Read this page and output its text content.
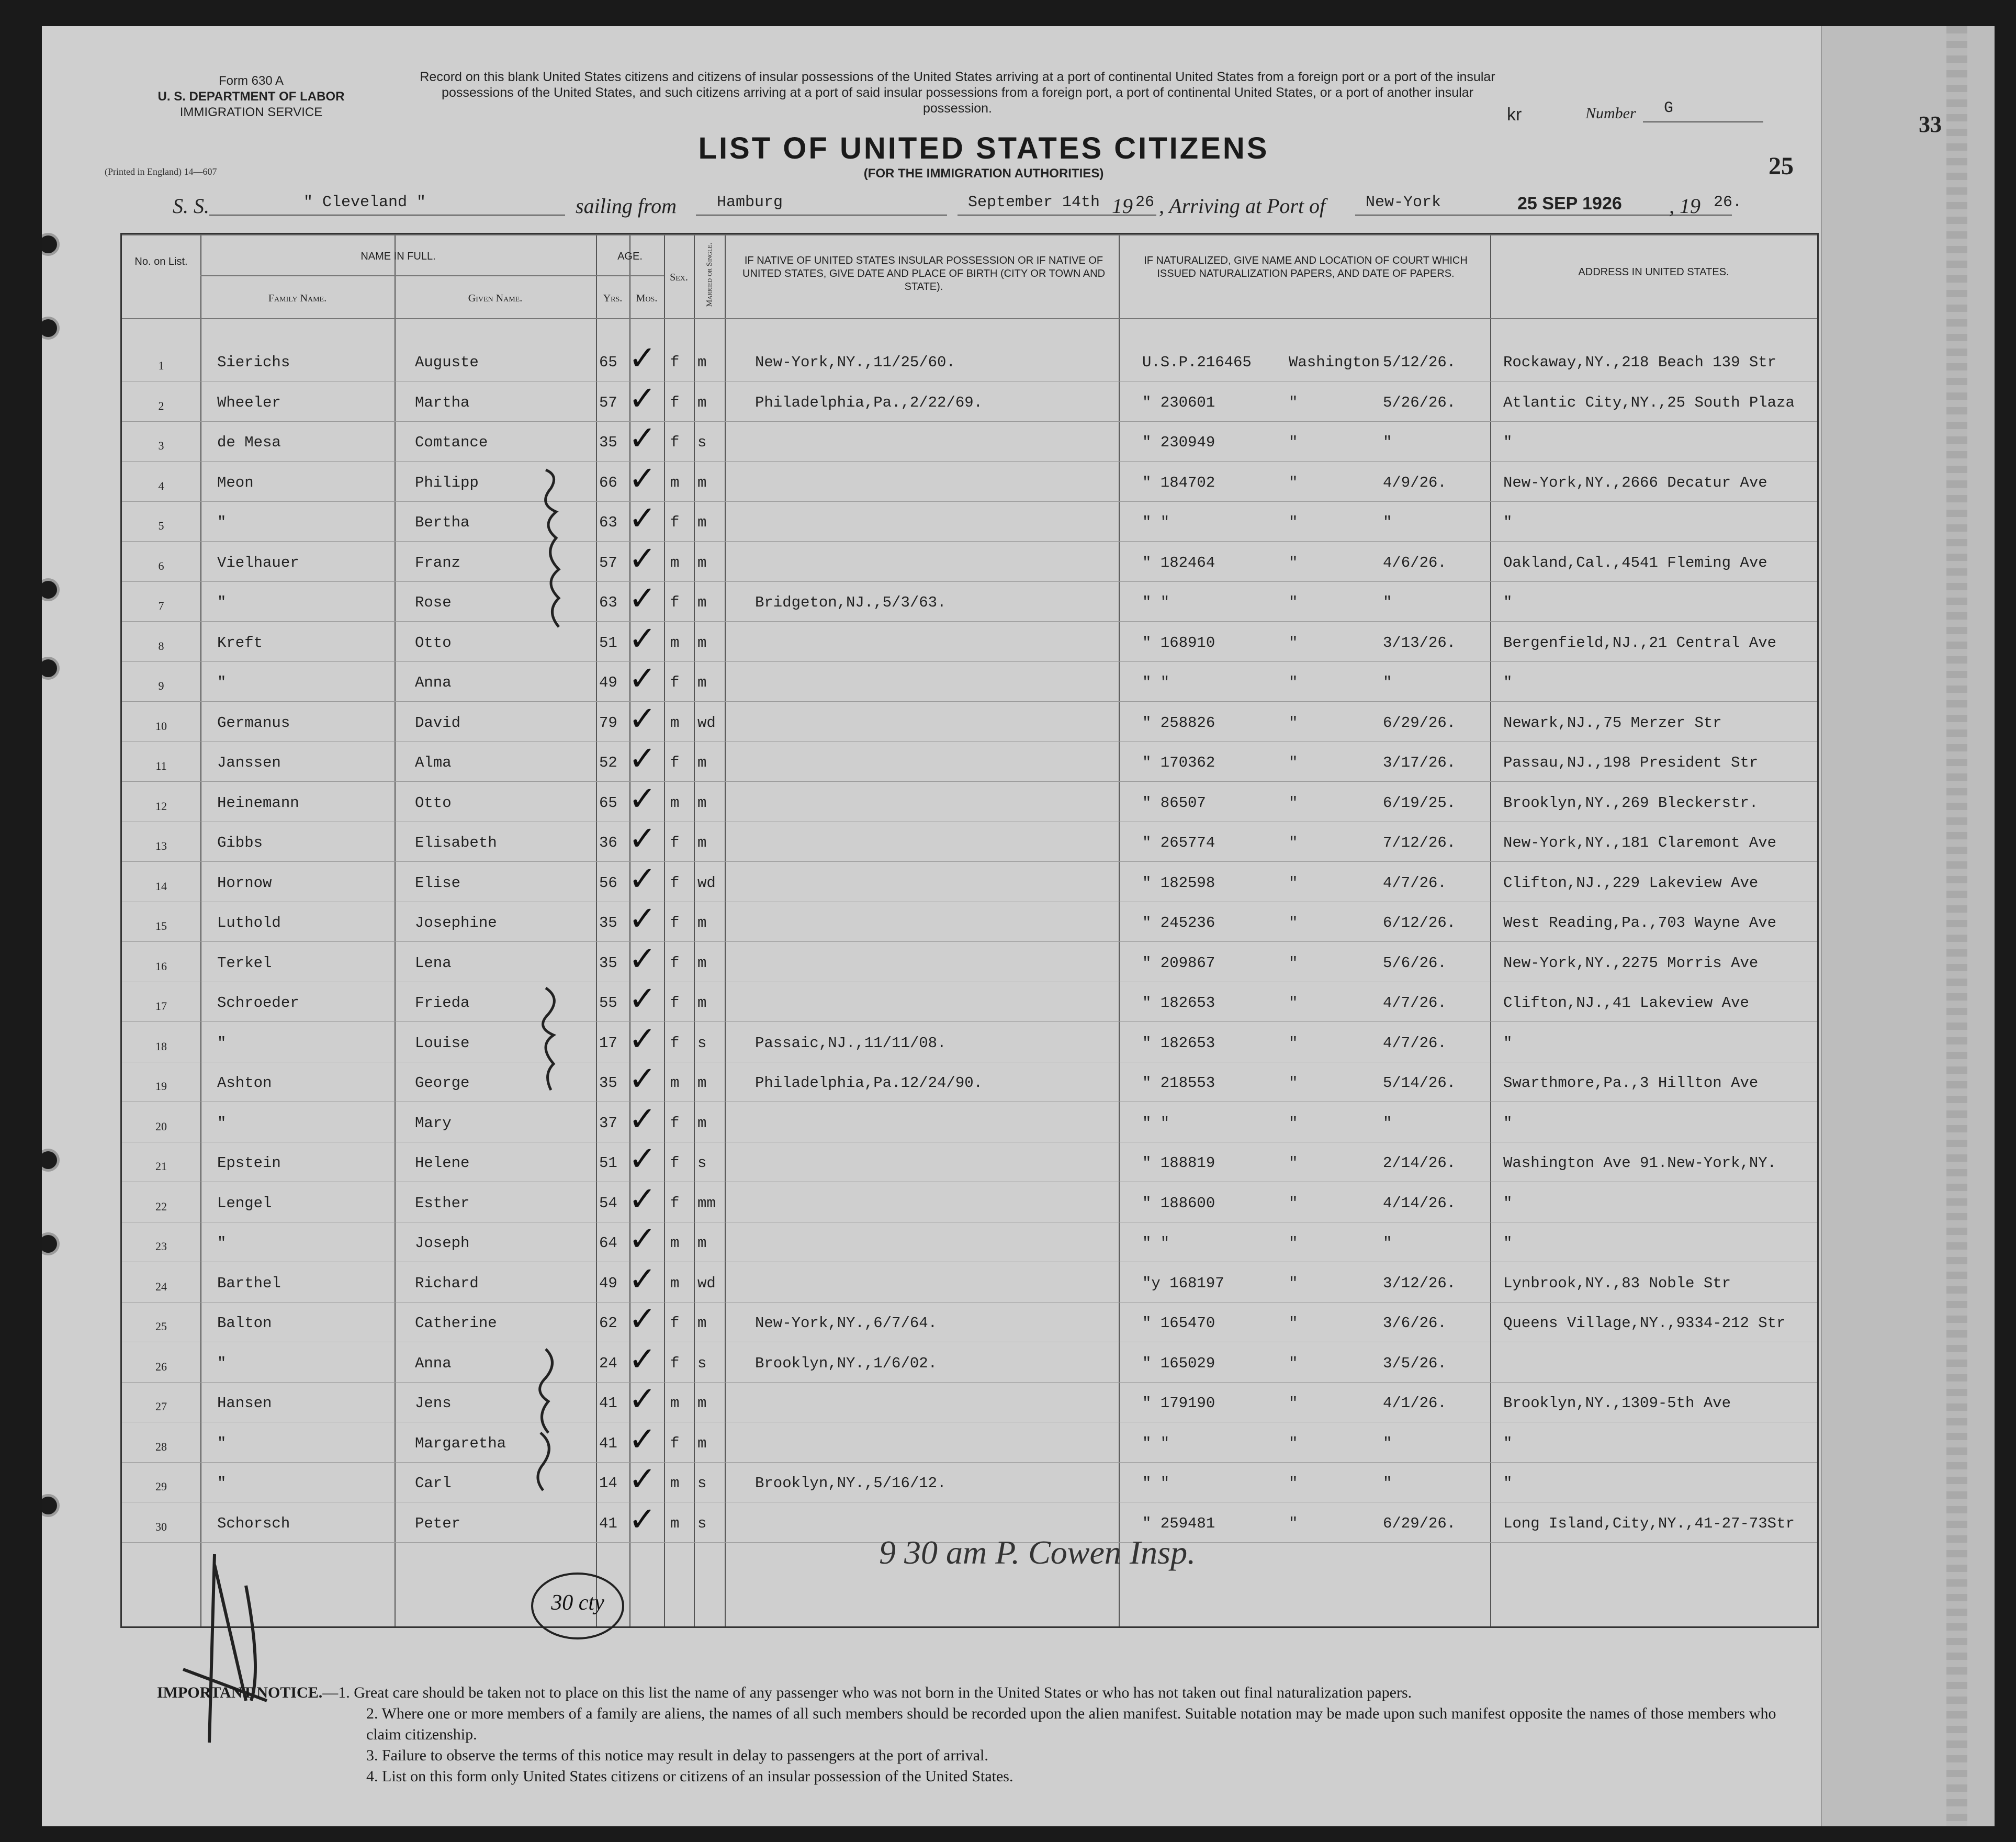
Form 630 A
U. S. DEPARTMENT OF LABOR
IMMIGRATION SERVICE
(Printed in England) 14—607
Record on this blank United States citizens and citizens of insular possessions of the United States arriving at a port of continental United States from a foreign port or a port of the insular possessions of the United States, and such citizens arriving at a port of said insular possessions from a foreign port, a port of continental United States, or a port of another insular possession.	kr	Number G
LIST OF UNITED STATES CITIZENS
(FOR THE IMMIGRATION AUTHORITIES)	25
S. S.	" Cleveland "	sailing from	Hamburg	September 14th 19 26 , Arriving at Port of	New-York	25 SEP 1926 , 19 26.
No. on List.	NAME IN FULL.
Family Name.	Given Name.
AGE.
Yrs.	Mos.
Sex.	Married or Single.	IF NATIVE OF UNITED STATES INSULAR POSSESSION OR IF NATIVE OF UNITED STATES, GIVE DATE AND PLACE OF BIRTH (CITY OR TOWN AND STATE).
IF NATURALIZED, GIVE NAME AND LOCATION OF COURT WHICH ISSUED NATURALIZATION PAPERS, AND DATE OF PAPERS.	ADDRESS IN UNITED STATES.
1	Sierichs	Auguste	65	f m	New-York,NY.,11/25/60.	U.S.P.216465 Washington 5/12/26.	Rockaway,NY.,218 Beach 139 Str
✓
2	Wheeler	Martha	57	f m	Philadelphia,Pa.,2/22/69.	" 230601	"	5/26/26.	Atlantic City,NY.,25 South Plaza
✓
3	de Mesa	Comtance	35	f s	" 230949	"	"	"
✓
4	Meon	Philipp	66	m m	" 184702	"	4/9/26.	New-York,NY.,2666 Decatur Ave
✓
5	"	Bertha	63	f m	" "	"	"	"
✓
6	Vielhauer	Franz	57	m m	" 182464	"	4/6/26.	Oakland,Cal.,4541 Fleming Ave
✓
7	"	Rose	63	f m	Bridgeton,NJ.,5/3/63.	" "	"	"	"
✓
8	Kreft	Otto	51	m m	" 168910	"	3/13/26.	Bergenfield,NJ.,21 Central Ave
✓
9	"	Anna	49	f m	" "	"	"	"
✓
10	Germanus	David	79	m wd	" 258826	"	6/29/26.	Newark,NJ.,75 Merzer Str
✓
11	Janssen	Alma	52	f m	" 170362	"	3/17/26.	Passau,NJ.,198 President Str
✓
12	Heinemann	Otto	65	m m	" 86507	"	6/19/25.	Brooklyn,NY.,269 Bleckerstr.
✓
13	Gibbs	Elisabeth	36	f m	" 265774	"	7/12/26.	New-York,NY.,181 Claremont Ave
✓
14	Hornow	Elise	56	f wd	" 182598	"	4/7/26.	Clifton,NJ.,229 Lakeview Ave
✓
15	Luthold	Josephine	35	f m	" 245236	"	6/12/26.	West Reading,Pa.,703 Wayne Ave
✓
16	Terkel	Lena	35	f m	" 209867	"	5/6/26.	New-York,NY.,2275 Morris Ave
✓
17	Schroeder	Frieda	55	f m	" 182653	"	4/7/26.	Clifton,NJ.,41 Lakeview Ave
✓
18	"	Louise	17	f s	Passaic,NJ.,11/11/08.	" 182653	"	4/7/26.	"
✓
19	Ashton	George	35	m m	Philadelphia,Pa.12/24/90.	" 218553	"	5/14/26.	Swarthmore,Pa.,3 Hillton Ave
✓
20	"	Mary	37	f m	" "	"	"	"
✓
21	Epstein	Helene	51	f s	" 188819	"	2/14/26.	Washington Ave 91.New-York,NY.
✓
22	Lengel	Esther	54	f mm	" 188600	"	4/14/26.	"
✓
23	"	Joseph	64	m m	" "	"	"	"
✓
24	Barthel	Richard	49	m wd	"y 168197	"	3/12/26.	Lynbrook,NY.,83 Noble Str
✓
25	Balton	Catherine	62	f m	New-York,NY.,6/7/64.	" 165470	"	3/6/26.	Queens Village,NY.,9334-212 Str
✓
26	"	Anna	24	f s	Brooklyn,NY.,1/6/02.	" 165029	"	3/5/26.
✓
27	Hansen	Jens	41	m m	" 179190	"	4/1/26.	Brooklyn,NY.,1309-5th Ave
✓
28	"	Margaretha	41	f m	" "	"	"	"
✓
29	"	Carl	14	m s	Brooklyn,NY.,5/16/12.	" "	"	"	"
✓
30	Schorsch	Peter	41	m s	" 259481	"	6/29/26.	Long Island,City,NY.,41-27-73Str
✓
30 cty
9 30 am P. Cowen Insp.

IMPORTANT NOTICE.—1. Great care should be taken not to place on this list the name of any passenger who was not born in the United States or who has not taken out final naturalization papers.

2. Where one or more members of a family are aliens, the names of all such members should be recorded upon the alien manifest. Suitable notation may be made upon such manifest opposite the names of those members who claim citizenship.

3. Failure to observe the terms of this notice may result in delay to passengers at the port of arrival.

4. List on this form only United States citizens or citizens of an insular possession of the United States.

33
